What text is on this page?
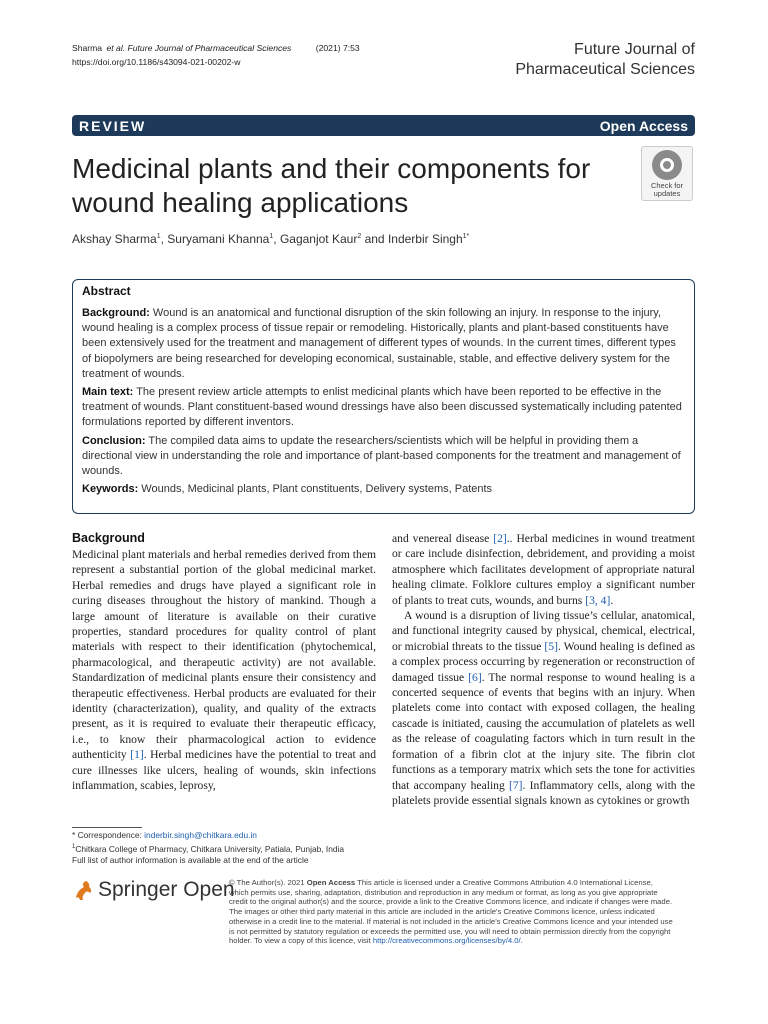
Sharma et al. Future Journal of Pharmaceutical Sciences	(2021) 7:53
https://doi.org/10.1186/s43094-021-00202-w
Future Journal of
Pharmaceutical Sciences
REVIEW	Open Access
Medicinal plants and their components for
wound healing applications
Check for
updates
Akshay Sharma$^1$, Suryamani Khanna$^1$, Gaganjot Kaur$^2$ and Inderbir Singh$^{1*}$
Abstract

Background: Wound is an anatomical and functional disruption of the skin following an injury. In response to the injury, wound healing is a complex process of tissue repair or remodeling. Historically, plants and plant-based constituents have been extensively used for the treatment and management of different types of wounds. In the current times, different types of biopolymers are being researched for developing economical, sustainable, stable, and effective delivery system for the treatment of wounds.

Main text: The present review article attempts to enlist medicinal plants which have been reported to be effective in the treatment of wounds. Plant constituent-based wound dressings have also been discussed systematically including patented formulations reported by different inventors.

Conclusion: The compiled data aims to update the researchers/scientists which will be helpful in providing them a directional view in understanding the role and importance of plant-based components for the treatment and management of wounds.

Keywords: Wounds, Medicinal plants, Plant constituents, Delivery systems, Patents

Background

Medicinal plant materials and herbal remedies derived from them represent a substantial portion of the global medicinal market. Herbal remedies and drugs have played a significant role in curing diseases throughout the history of mankind. Though a large amount of literature is available on their curative properties, standard procedures for quality control of plant materials with respect to their identification (phytochemical, pharmacological, and therapeutic activity) are not available. Standardization of medicinal plants ensure their consistency and therapeutic effectiveness. Herbal products are evaluated for their identity (characterization), quality, and quality of the extracts present, as it is required to evaluate their therapeutic efficacy, i.e., to know their pharmacological action to evidence authenticity [1]. Herbal medicines have the potential to treat and cure illnesses like ulcers, healing of wounds, skin infections inflammation, scabies, leprosy,

and venereal disease [2].. Herbal medicines in wound treatment or care include disinfection, debridement, and providing a moist atmosphere which facilitates development of appropriate natural healing climate. Folklore cultures employ a significant number of plants to treat cuts, wounds, and burns [3, 4].

A wound is a disruption of living tissue’s cellular, anatomical, and functional integrity caused by physical, chemical, electrical, or microbial threats to the tissue [5]. Wound healing is defined as a complex process occurring by regeneration or reconstruction of damaged tissue [6]. The normal response to wound healing is a concerted sequence of events that begins with an injury. When platelets come into contact with exposed collagen, the healing cascade is initiated, causing the accumulation of platelets as well as the release of coagulating factors which in turn result in the formation of a fibrin clot at the injury site. The fibrin clot functions as a temporary matrix which sets the tone for activities that accompany healing [7]. Inflammatory cells, along with the platelets provide essential signals known as cytokines or growth

* Correspondence: inderbir.singh@chitkara.edu.in
$^1$Chitkara College of Pharmacy, Chitkara University, Patiala, Punjab, India
Full list of author information is available at the end of the article
Springer Open
© The Author(s). 2021 Open Access This article is licensed under a Creative Commons Attribution 4.0 International License, which permits use, sharing, adaptation, distribution and reproduction in any medium or format, as long as you give appropriate credit to the original author(s) and the source, provide a link to the Creative Commons licence, and indicate if changes were made. The images or other third party material in this article are included in the article's Creative Commons licence, unless indicated otherwise in a credit line to the material. If material is not included in the article's Creative Commons licence and your intended use is not permitted by statutory regulation or exceeds the permitted use, you will need to obtain permission directly from the copyright holder. To view a copy of this licence, visit http://creativecommons.org/licenses/by/4.0/.
